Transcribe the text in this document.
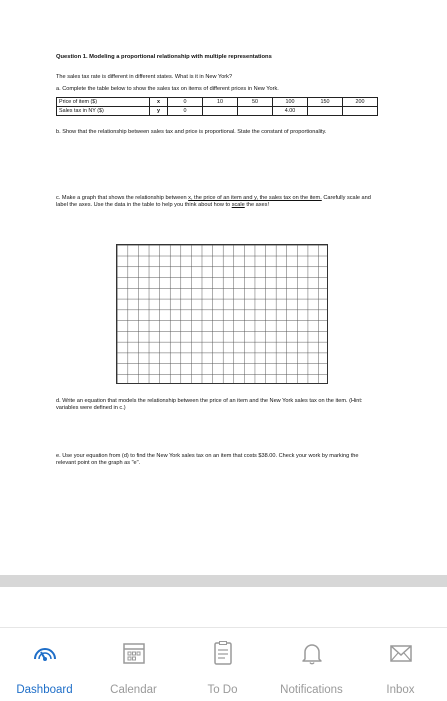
Question 1. Modeling a proportional relationship with multiple representations
The sales tax rate is different in different states. What is it in New York?
a. Complete the table below to show the sales tax on items of different prices in New York.
Price of item ($)	x	0	10	50	100	150	200
Sales tax in NY ($)	y	0			4.00		
b. Show that the relationship between sales tax and price is proportional. State the constant of proportionality.
c. Make a graph that shows the relationship between x, the price of an item and y, the sales tax on the item. Carefully scale and label the axes. Use the data in the table to help you think about how to scale the axes!
d. Write an equation that models the relationship between the price of an item and the New York sales tax on the item. (Hint: variables were defined in c.)
e. Use your equation from (d) to find the New York sales tax on an item that costs $38.00. Check your work by marking the relevant point on the graph as "e".
Dashboard	Calendar	To Do	Notifications	Inbox
